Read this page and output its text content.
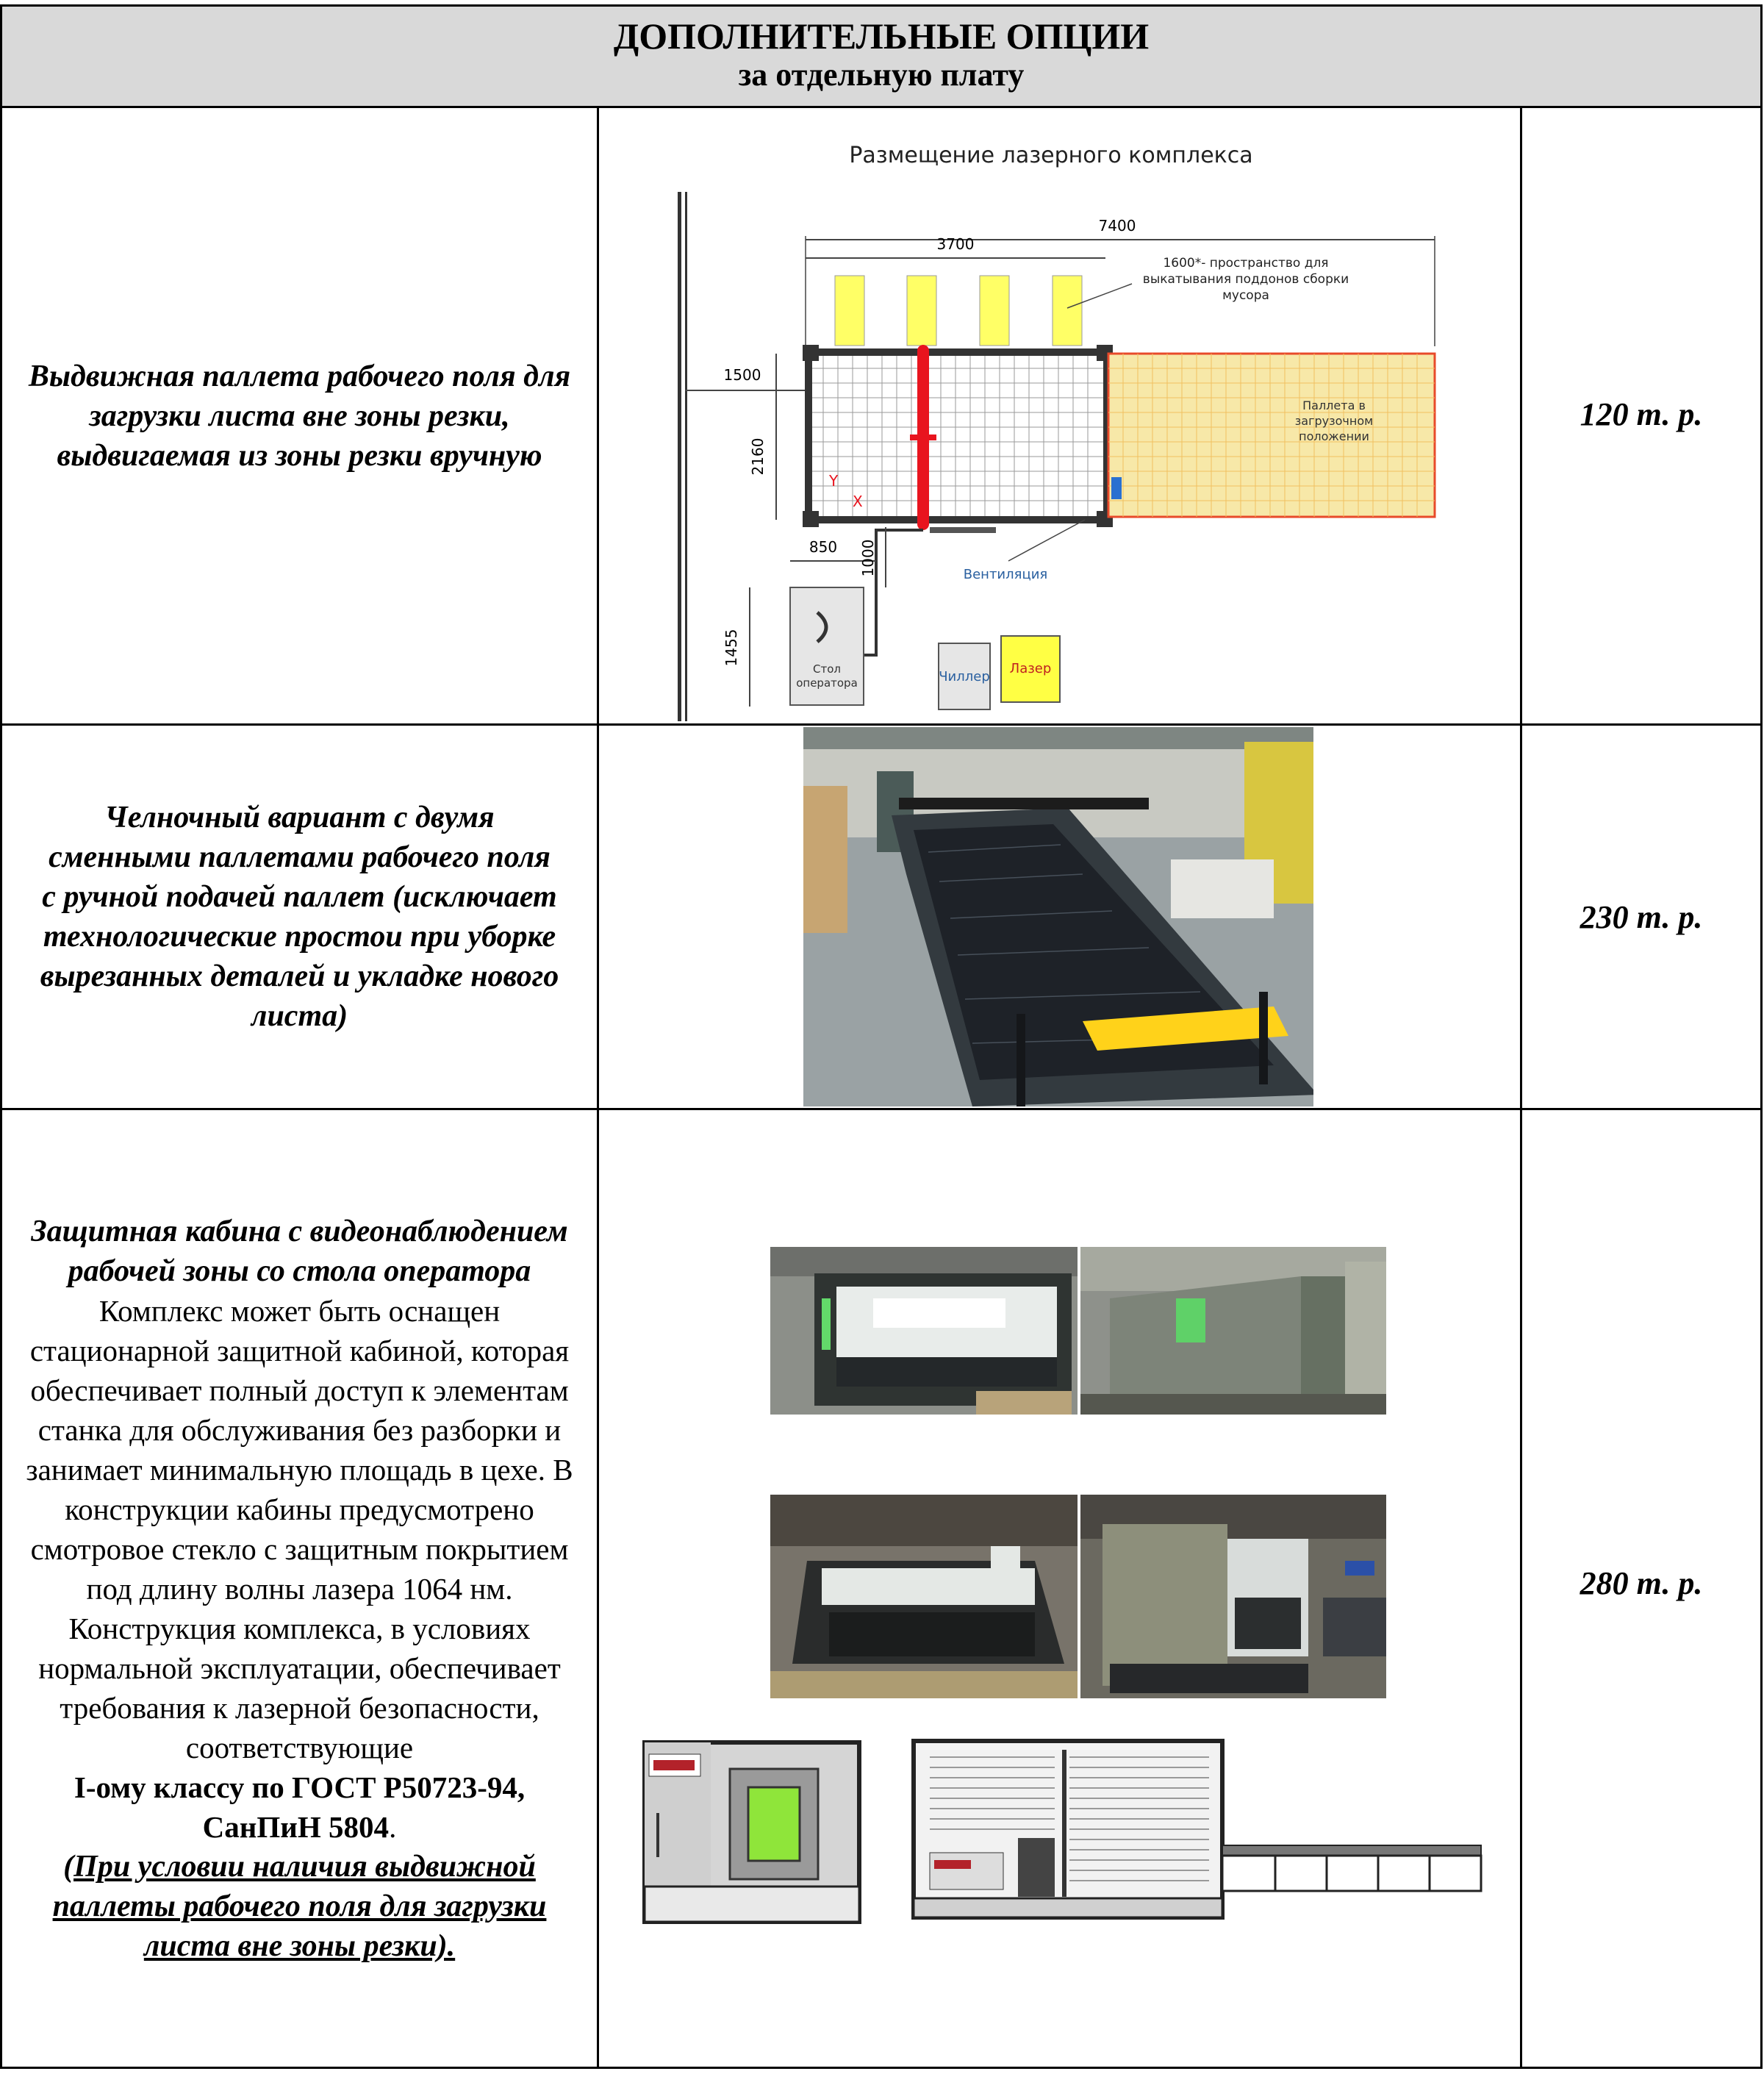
ДОПОЛНИТЕЛЬНЫЕ ОПЦИИ
за отдельную плату
Выдвижная паллета рабочего поля для загрузки листа вне зоны резки, выдвигаемая из зоны резки вручную
Размещение лазерного комплекса
7400
3700
1600*- пространство для выкатывания поддонов сборки мусора
1500
2160
Y
X
Паллета в загрузочном положении
Вентиляция
850 1000
1455
Стол оператора	Чиллер
Лазер
120 т. р.
Челночный вариант с двумя сменными паллетами рабочего поля с ручной подачей паллет (исключает технологические простои при уборке вырезанных деталей и укладке нового листа)
230 т. р.
Защитная кабина с видеонаблюдением рабочей зоны со стола оператора
Комплекс может быть оснащен стационарной защитной кабиной, которая обеспечивает полный доступ к элементам станка для обслуживания без разборки и занимает минимальную площадь в цехе. В конструкции кабины предусмотрено смотровое стекло с защитным покрытием под длину волны лазера 1064 нм. Конструкция комплекса, в условиях нормальной эксплуатации, обеспечивает требования к лазерной безопасности, соответствующие
I-ому классу по ГОСТ Р50723-94, СанПиН 5804.
(При условии наличия выдвижной паллеты рабочего поля для загрузки листа вне зоны резки).
280 т. р.
